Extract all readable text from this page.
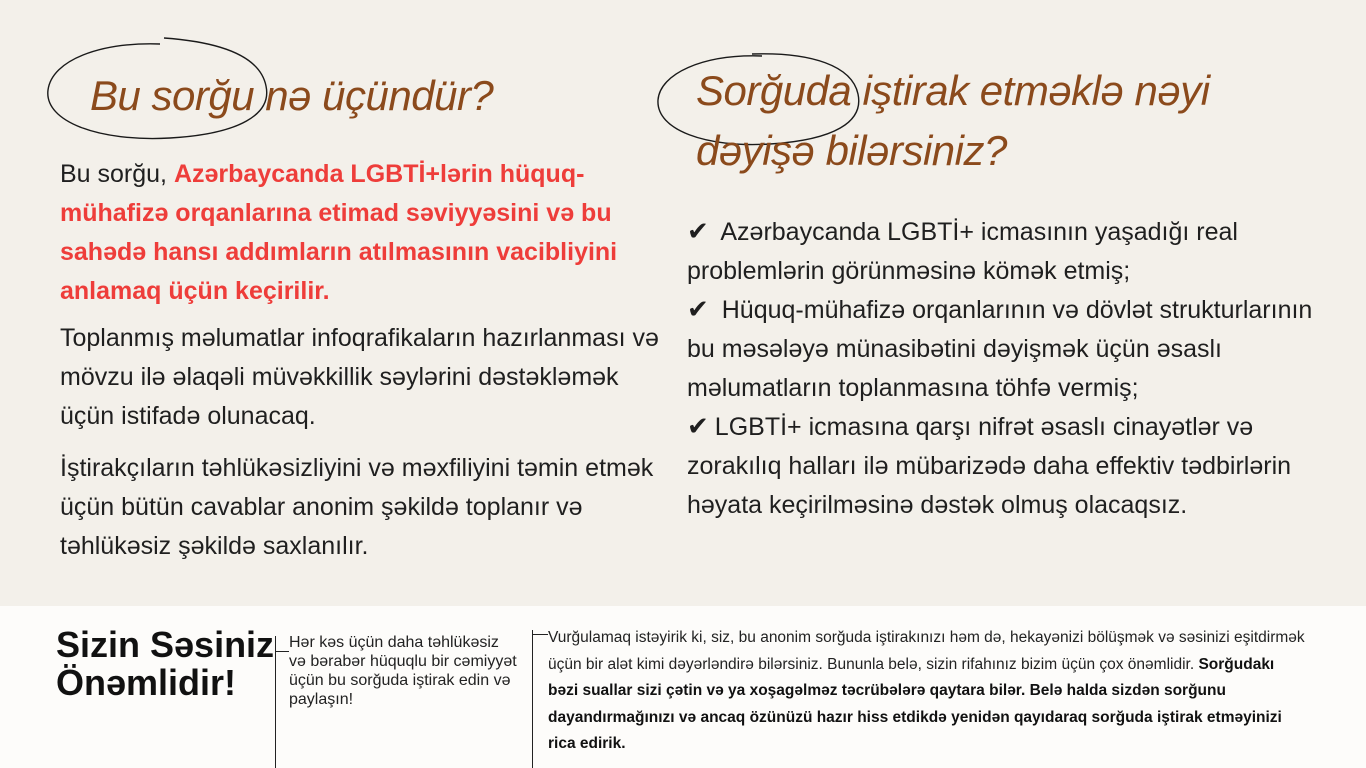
Bu sorğu nə üçündür?	Sorğuda iştirak etməklə nəyi dəyişə bilərsiniz?

Bu sorğu, Azərbaycanda LGBTİ+lərin hüquq-mühafizə orqanlarına etimad səviyyəsini və bu sahədə hansı addımların atılmasının vacibliyini anlamaq üçün keçirilir.

Toplanmış məlumatlar infoqrafikaların hazırlanması və mövzu ilə əlaqəli müvəkkillik səylərini dəstəkləmək üçün istifadə olunacaq.

İştirakçıların təhlükəsizliyini və məxfiliyini təmin etmək üçün bütün cavablar anonim şəkildə toplanır və təhlükəsiz şəkildə saxlanılır.

✔ Azərbaycanda LGBTİ+ icmasının yaşadığı real problemlərin görünməsinə kömək etmiş;
✔ Hüquq-mühafizə orqanlarının və dövlət strukturlarının bu məsələyə münasibətini dəyişmək üçün əsaslı məlumatların toplanmasına töhfə vermiş;
✔ LGBTİ+ icmasına qarşı nifrət əsaslı cinayətlər və zorakılıq halları ilə mübarizədə daha effektiv tədbirlərin həyata keçirilməsinə dəstək olmuş olacaqsız.
Sizin Səsiniz Önəmlidir!

Hər kəs üçün daha təhlükəsiz və bərabər hüquqlu bir cəmiyyət üçün bu sorğuda iştirak edin və paylaşın!

Vurğulamaq istəyirik ki, siz, bu anonim sorğuda iştirakınızı həm də, hekayənizi bölüşmək və səsinizi eşitdirmək üçün bir alət kimi dəyərləndirə bilərsiniz. Bununla belə, sizin rifahınız bizim üçün çox önəmlidir. Sorğudakı bəzi suallar sizi çətin və ya xoşagəlməz təcrübələrə qaytara bilər. Belə halda sizdən sorğunu dayandırmağınızı və ancaq özünüzü hazır hiss etdikdə yenidən qayıdaraq sorğuda iştirak etməyinizi rica edirik.
